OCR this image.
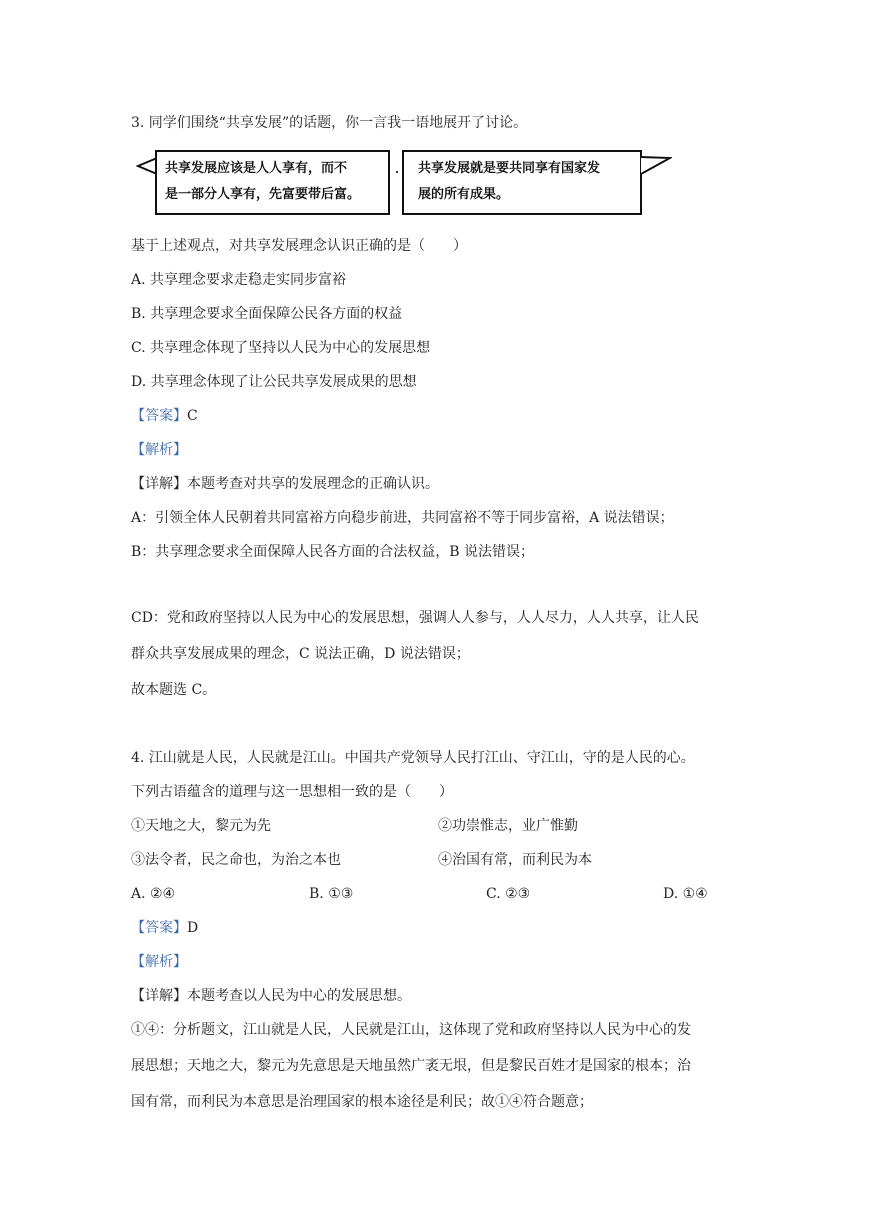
3. 同学们围绕“共享发展”的话题，你一言我一语地展开了讨论。
共享发展应该是人人享有，而不
是一部分人享有，先富要带后富。
共享发展就是要共同享有国家发
展的所有成果。
基于上述观点，对共享发展理念认识正确的是（　　）
A. 共享理念要求走稳走实同步富裕
B. 共享理念要求全面保障公民各方面的权益
C. 共享理念体现了坚持以人民为中心的发展思想
D. 共享理念体现了让公民共享发展成果的思想
【答案】C
【解析】
【详解】本题考查对共享的发展理念的正确认识。
A：引领全体人民朝着共同富裕方向稳步前进，共同富裕不等于同步富裕，A 说法错误；
B：共享理念要求全面保障人民各方面的合法权益，B 说法错误；
CD：党和政府坚持以人民为中心的发展思想，强调人人参与，人人尽力，人人共享，让人民
群众共享发展成果的理念，C 说法正确，D 说法错误；
故本题选 C。
4. 江山就是人民，人民就是江山。中国共产党领导人民打江山、守江山，守的是人民的心。
下列古语蕴含的道理与这一思想相一致的是（　　）
①天地之大，黎元为先	②功崇惟志，业广惟勤
③法令者，民之命也，为治之本也	④治国有常，而利民为本
A. ②④	B. ①③	C. ②③	D. ①④
【答案】D
【解析】
【详解】本题考查以人民为中心的发展思想。
①④：分析题文，江山就是人民，人民就是江山，这体现了党和政府坚持以人民为中心的发
展思想；天地之大，黎元为先意思是天地虽然广袤无垠，但是黎民百姓才是国家的根本；治
国有常，而利民为本意思是治理国家的根本途径是利民；故①④符合题意；
